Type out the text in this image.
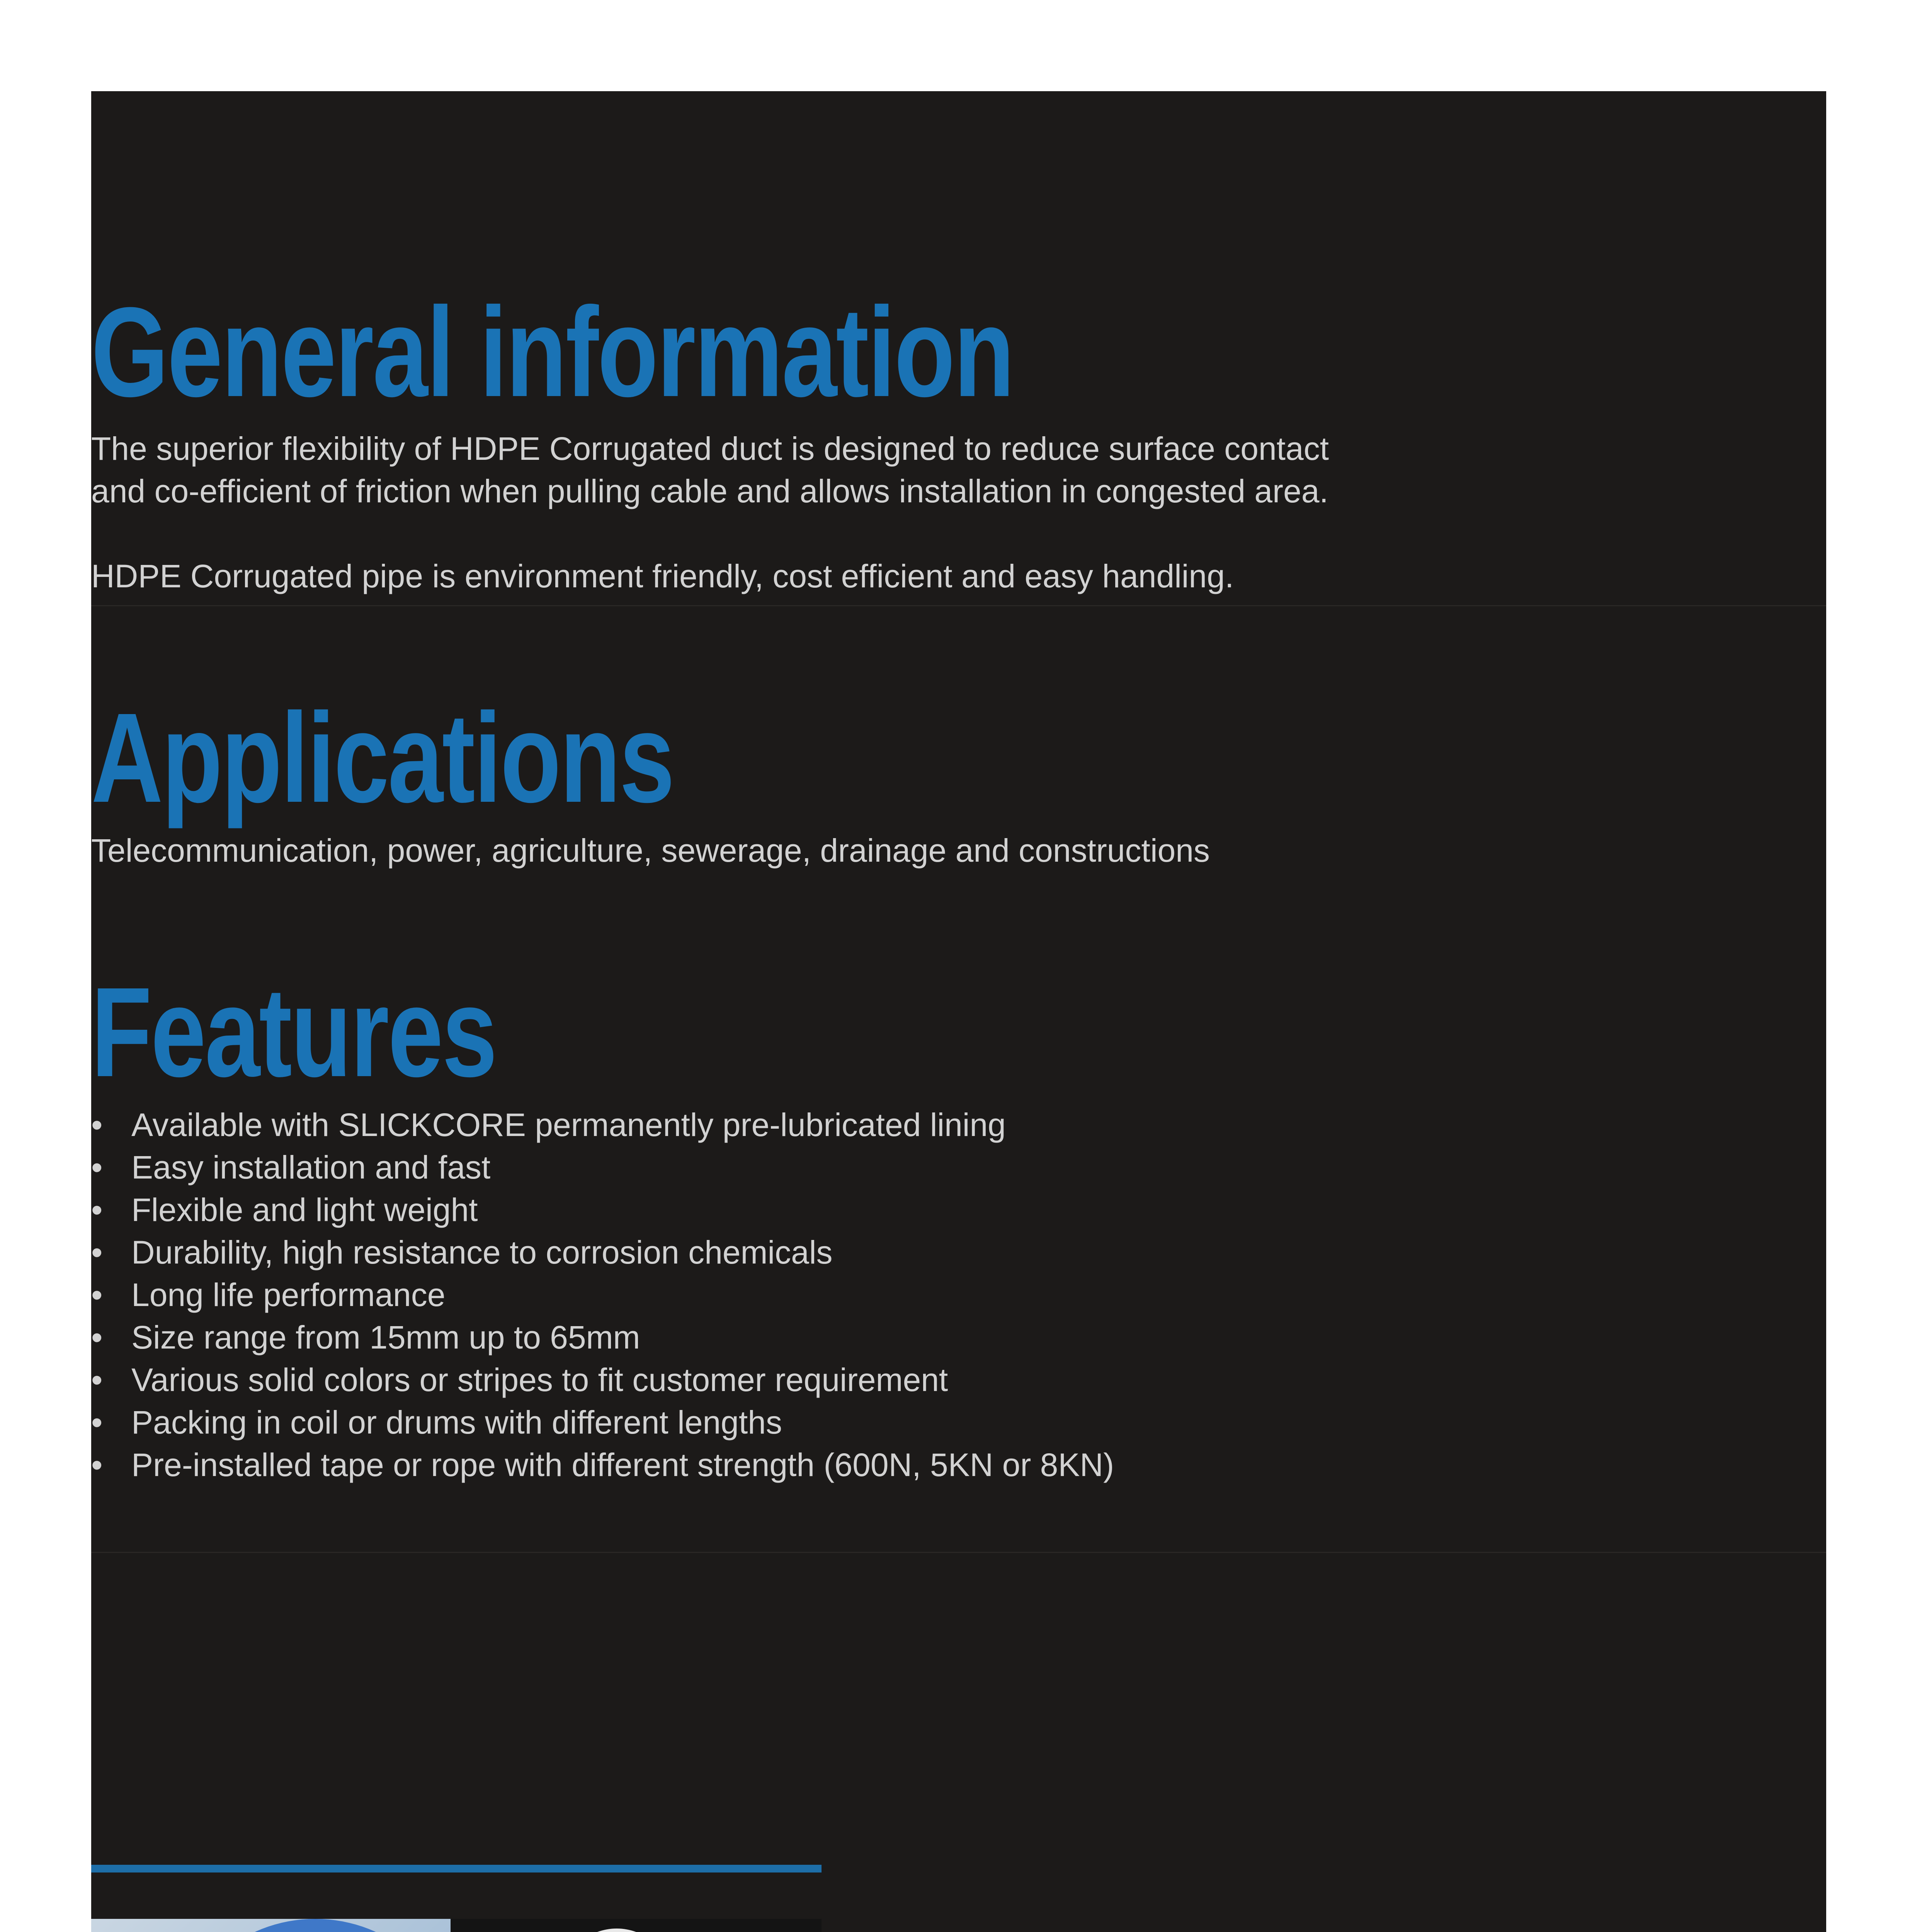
General information

The superior flexibility of HDPE Corrugated duct is designed to reduce surface contact
and co-efficient of friction when pulling cable and allows installation in congested area.

HDPE Corrugated pipe is environment friendly, cost efficient and easy handling.

Applications

Telecommunication, power, agriculture, sewerage, drainage and constructions

Features
• Available with SLICKCORE permanently pre-lubricated lining
• Easy installation and fast
• Flexible and light weight
• Durability, high resistance to corrosion chemicals
• Long life performance
• Size range from 15mm up to 65mm
• Various solid colors or stripes to fit customer requirement
• Packing in coil or drums with different lengths
• Pre-installed tape or rope with different strength (600N, 5KN or 8KN)
